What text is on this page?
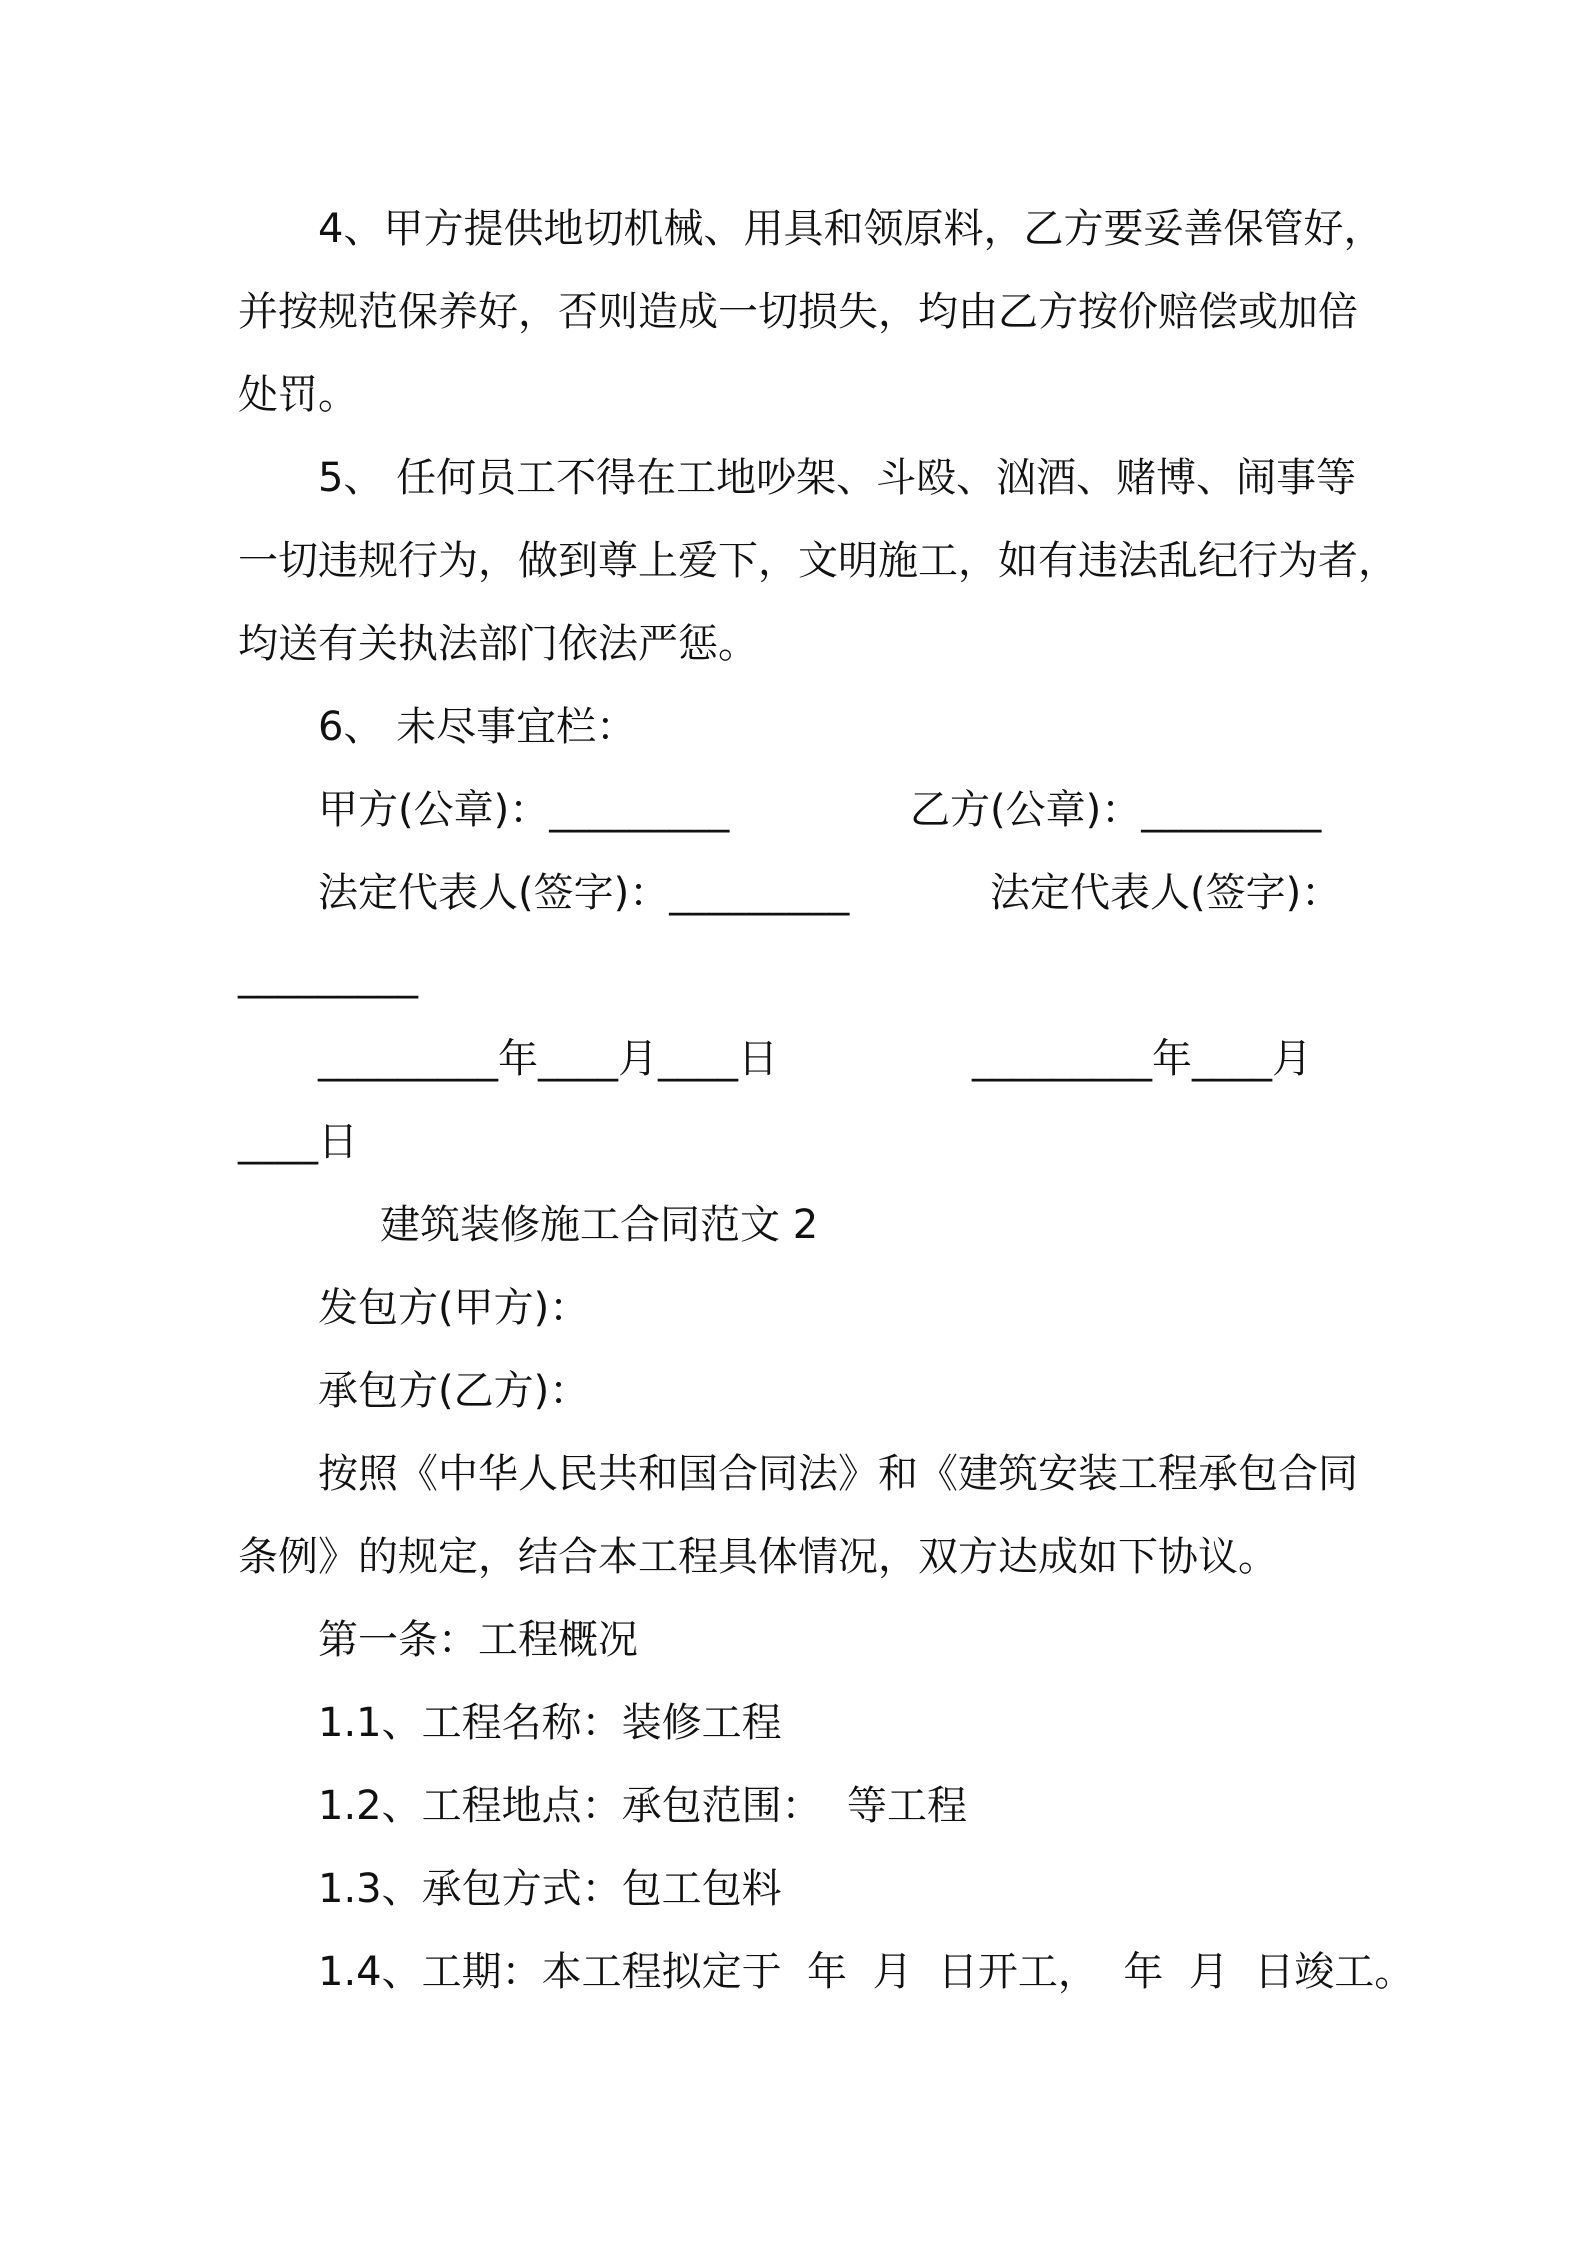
4、甲方提供地切机械、用具和领原料，乙方要妥善保管好，
并按规范保养好，否则造成一切损失，均由乙方按价赔偿或加倍
处罚。
5、 任何员工不得在工地吵架、斗殴、汹酒、赌博、闹事等
一切违规行为，做到尊上爱下，文明施工，如有违法乱纪行为者，
均送有关执法部门依法严惩。
6、 未尽事宜栏：
甲方(公章)：_________	乙方(公章)：_________
法定代表人(签字)：_________	法定代表人(签字)：
_________
_________年____月____日	_________年____月
____日
建筑装修施工合同范文 2
发包方(甲方)：
承包方(乙方)：
按照《中华人民共和国合同法》和《建筑安装工程承包合同
条例》的规定，结合本工程具体情况，双方达成如下协议。
第一条：工程概况
1.1、工程名称：装修工程
1.2、工程地点：承包范围：  等工程
1.3、承包方式：包工包料
1.4、工期：本工程拟定于  年  月  日开工，  年  月  日竣工。
